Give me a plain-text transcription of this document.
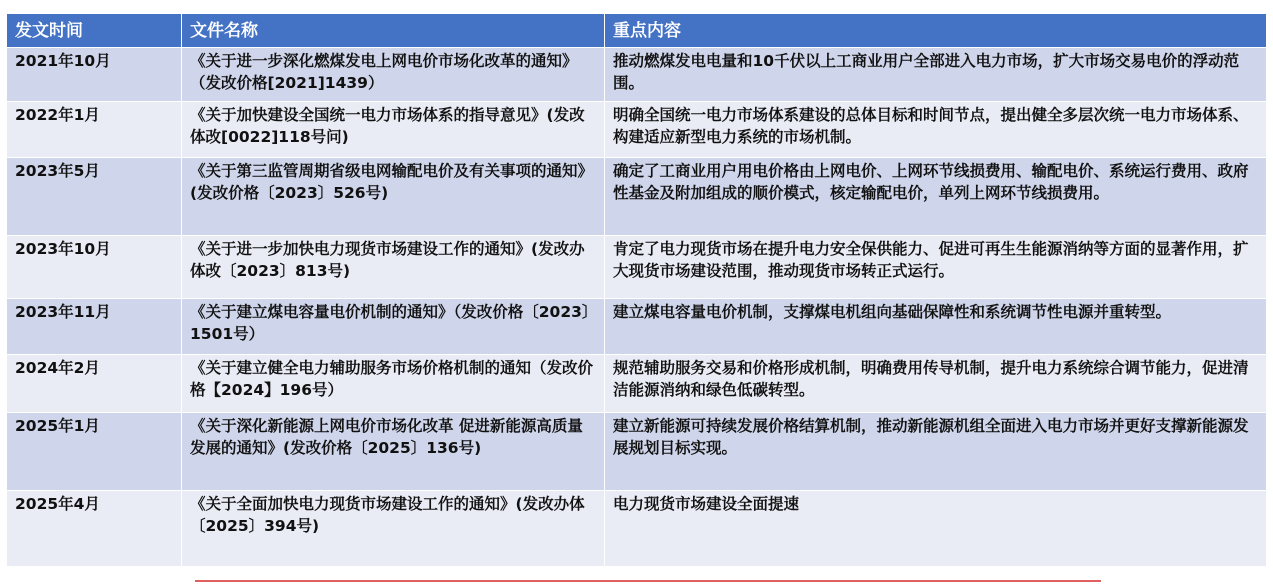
发文时间	文件名称	重点内容
2021年10月	《关于进一步深化燃煤发电上网电价市场化改革的通知》（发改价格[2021]1439）	推动燃煤发电电量和10千伏以上工商业用户全部进入电力市场，扩大市场交易电价的浮动范围。
2022年1月	《关于加快建设全国统一电力市场体系的指导意见》(发改体改[0022]118号问)	明确全国统一电力市场体系建设的总体目标和时间节点，提出健全多层次统一电力市场体系、构建适应新型电力系统的市场机制。
2023年5月	《关于第三监管周期省级电网输配电价及有关事项的通知》(发改价格〔2023〕526号)	确定了工商业用户用电价格由上网电价、上网环节线损费用、输配电价、系统运行费用、政府性基金及附加组成的顺价模式，核定输配电价，单列上网环节线损费用。
2023年10月	《关于进一步加快电力现货市场建设工作的通知》(发改办体改〔2023〕813号)	肯定了电力现货市场在提升电力安全保供能力、促进可再生生能源消纳等方面的显著作用，扩大现货市场建设范围，推动现货市场转正式运行。
2023年11月	《关于建立煤电容量电价机制的通知》（发改价格〔2023〕1501号）	建立煤电容量电价机制，支撑煤电机组向基础保障性和系统调节性电源并重转型。
2024年2月	《关于建立健全电力辅助服务市场价格机制的通知（发改价格【2024】196号）	规范辅助服务交易和价格形成机制，明确费用传导机制，提升电力系统综合调节能力，促进清洁能源消纳和绿色低碳转型。
2025年1月	《关于深化新能源上网电价市场化改革 促进新能源高质量发展的通知》(发改价格〔2025〕136号)	建立新能源可持续发展价格结算机制，推动新能源机组全面进入电力市场并更好支撑新能源发展规划目标实现。
2025年4月	《关于全面加快电力现货市场建设工作的通知》(发改办体〔2025〕394号)	电力现货市场建设全面提速
